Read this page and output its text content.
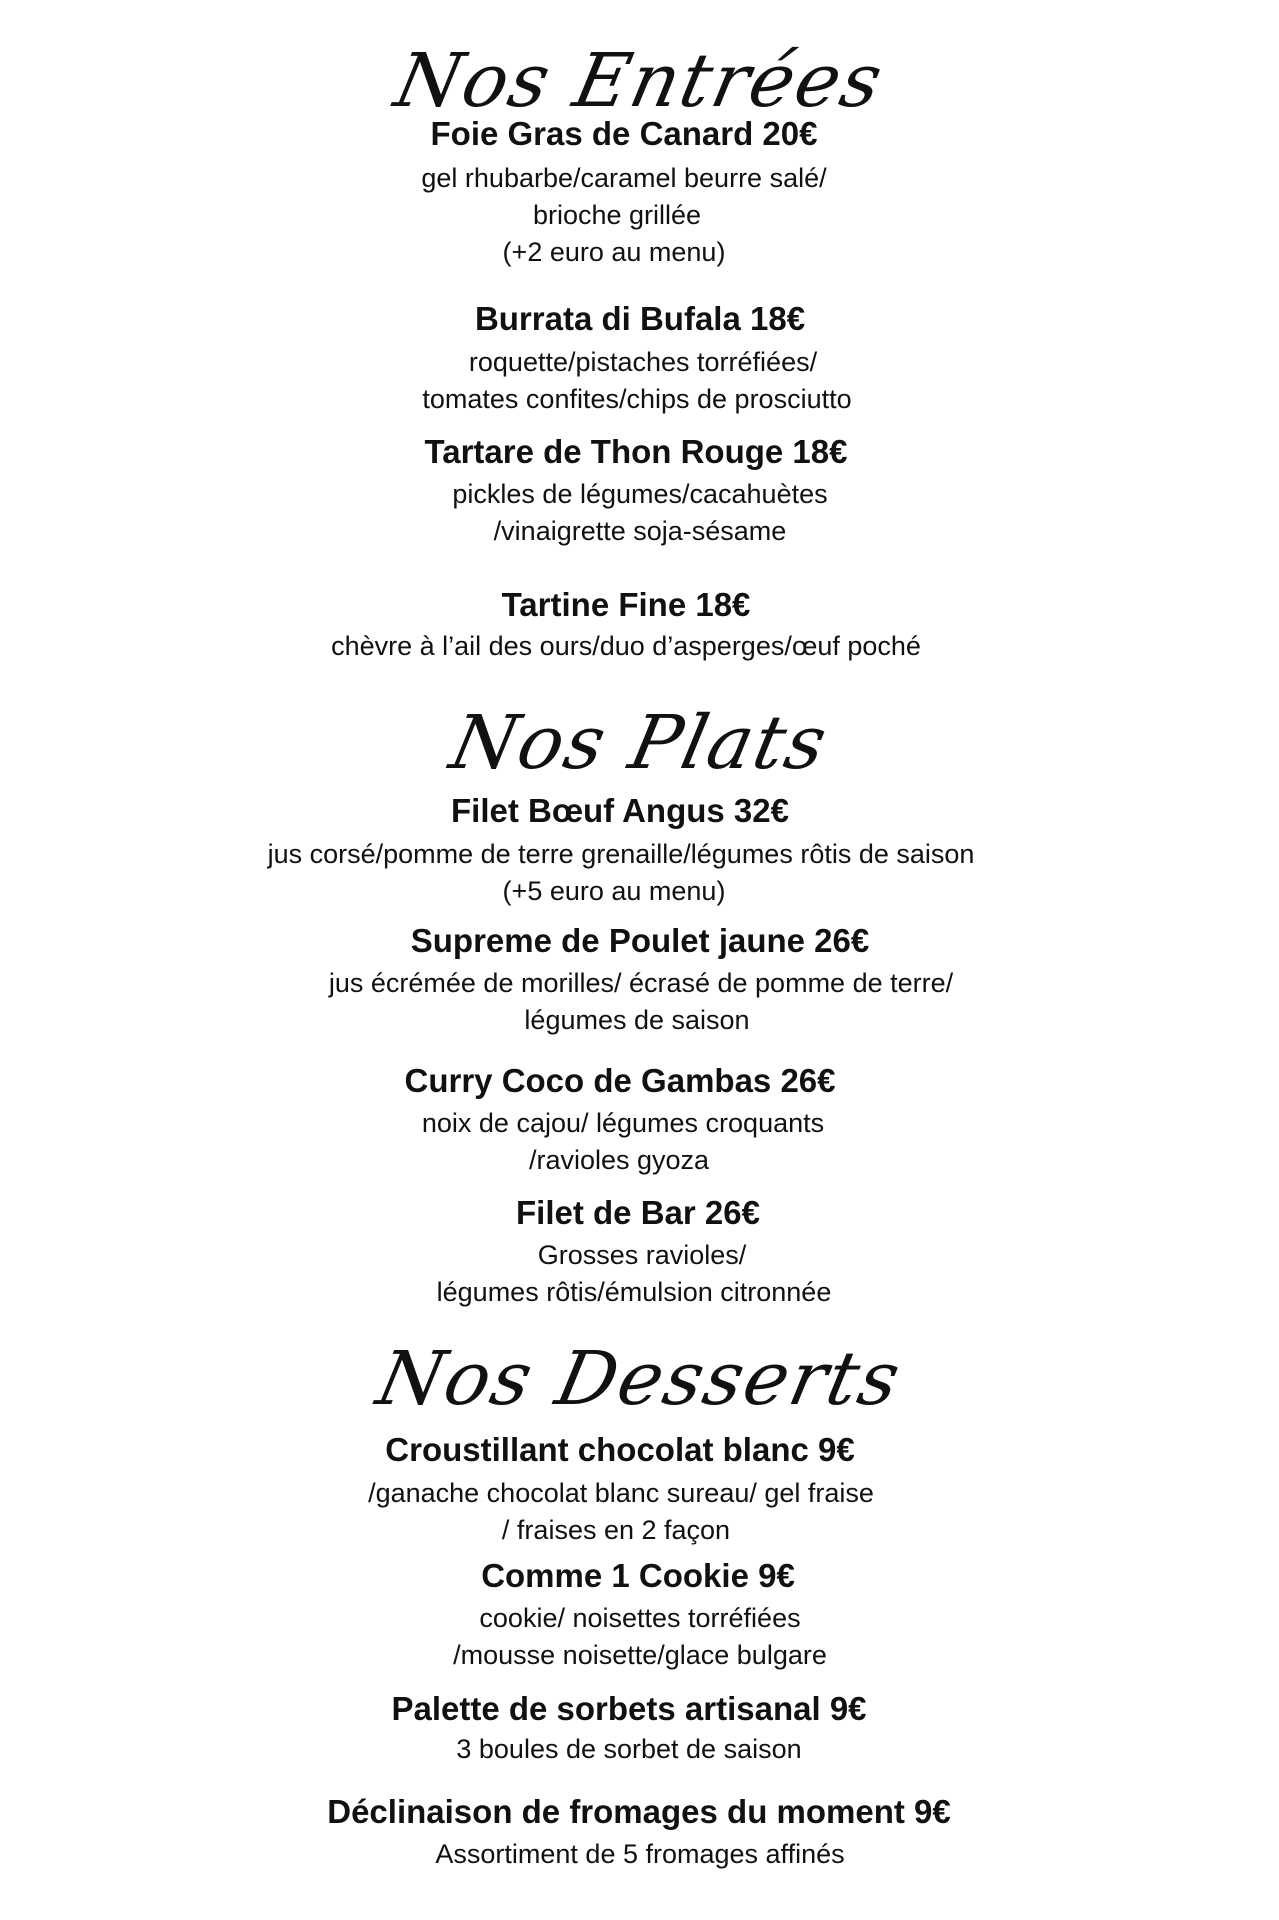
Nos Entrées
Foie Gras de Canard 20€
gel rhubarbe/caramel beurre salé/
brioche grillée
(+2 euro au menu)
Burrata di Bufala 18€
roquette/pistaches torréfiées/
tomates confites/chips de prosciutto
Tartare de Thon Rouge 18€
pickles de légumes/cacahuètes
/vinaigrette soja-sésame
Tartine Fine 18€
chèvre à l’ail des ours/duo d’asperges/œuf poché
Nos Plats
Filet Bœuf Angus 32€
jus corsé/pomme de terre grenaille/légumes rôtis de saison
(+5 euro au menu)
Supreme de Poulet jaune 26€
jus écrémée de morilles/ écrasé de pomme de terre/
légumes de saison
Curry Coco de Gambas 26€
noix de cajou/ légumes croquants
/ravioles gyoza
Filet de Bar 26€
Grosses ravioles/
légumes rôtis/émulsion citronnée
Nos Desserts
Croustillant chocolat blanc 9€
/ganache chocolat blanc sureau/ gel fraise
/ fraises en 2 façon
Comme 1 Cookie 9€
cookie/ noisettes torréfiées
/mousse noisette/glace bulgare
Palette de sorbets artisanal 9€
3 boules de sorbet de saison
Déclinaison de fromages du moment 9€
Assortiment de 5 fromages affinés
